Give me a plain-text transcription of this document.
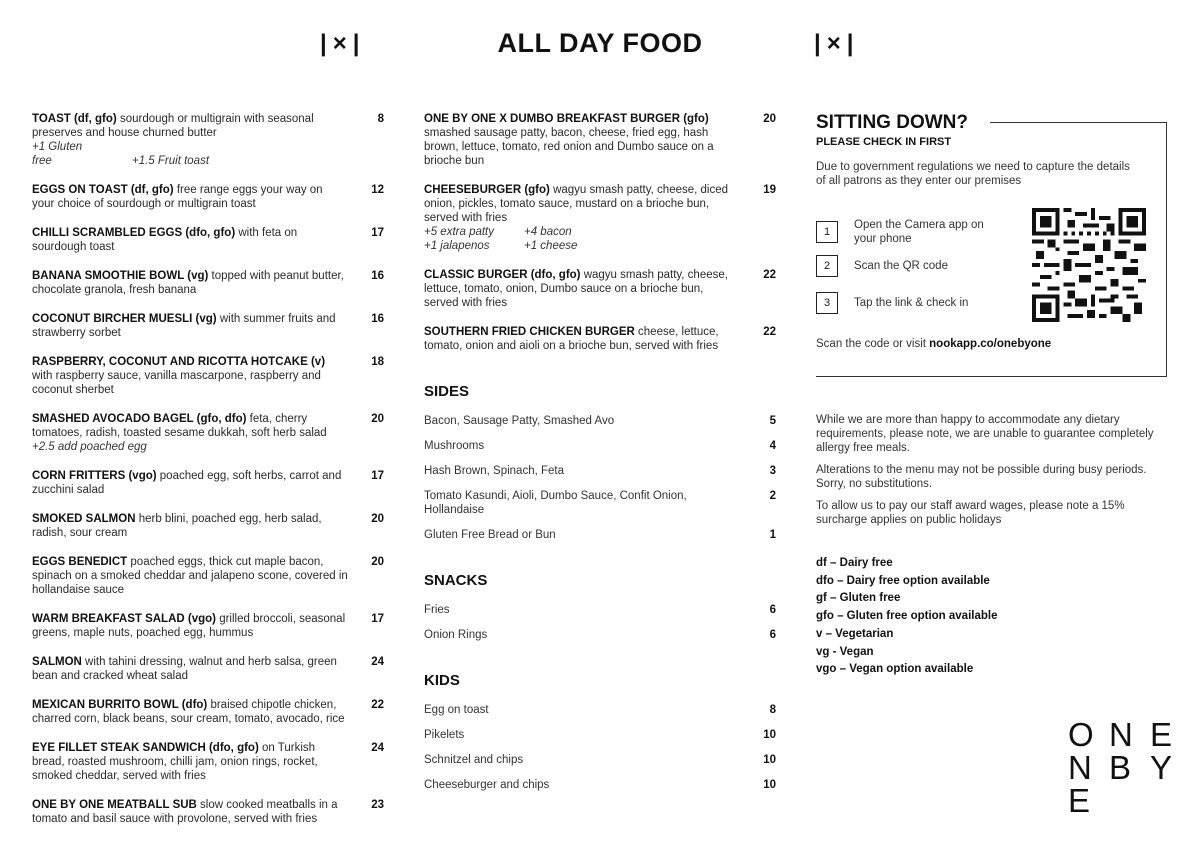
|×|	ALL DAY FOOD	|×|
TOAST (df, gfo) sourdough or multigrain with seasonal preserves and house churned butter
8
+1 Gluten free	+1.5 Fruit toast
EGGS ON TOAST (df, gfo) free range eggs your way on your choice of sourdough or multigrain toast
12
CHILLI SCRAMBLED EGGS (dfo, gfo) with feta on sourdough toast
17
BANANA SMOOTHIE BOWL (vg) topped with peanut butter, chocolate granola, fresh banana
16
COCONUT BIRCHER MUESLI (vg) with summer fruits and strawberry sorbet
16
RASPBERRY, COCONUT AND RICOTTA HOTCAKE (v) with raspberry sauce, vanilla mascarpone, raspberry and coconut sherbet
18
SMASHED AVOCADO BAGEL (gfo, dfo) feta, cherry tomatoes, radish, toasted sesame dukkah, soft herb salad
20
+2.5 add poached egg
CORN FRITTERS (vgo) poached egg, soft herbs, carrot and zucchini salad
17
SMOKED SALMON herb blini, poached egg, herb salad, radish, sour cream
20
EGGS BENEDICT poached eggs, thick cut maple bacon, spinach on a smoked cheddar and jalapeno scone, covered in hollandaise sauce
20
WARM BREAKFAST SALAD (vgo) grilled broccoli, seasonal greens, maple nuts, poached egg, hummus
17
SALMON with tahini dressing, walnut and herb salsa, green bean and cracked wheat salad
24
MEXICAN BURRITO BOWL (dfo) braised chipotle chicken, charred corn, black beans, sour cream, tomato, avocado, rice
22
EYE FILLET STEAK SANDWICH (dfo, gfo) on Turkish bread, roasted mushroom, chilli jam, onion rings, rocket, smoked cheddar, served with fries
24
ONE BY ONE MEATBALL SUB slow cooked meatballs in a tomato and basil sauce with provolone, served with fries
23
ONE BY ONE X DUMBO BREAKFAST BURGER (gfo) smashed sausage patty, bacon, cheese, fried egg, hash brown, lettuce, tomato, red onion and Dumbo sauce on a brioche bun
20
CHEESEBURGER (gfo) wagyu smash patty, cheese, diced onion, pickles, tomato sauce, mustard on a brioche bun, served with fries
19
+5 extra patty	+4 bacon
+1 jalapenos	+1 cheese
CLASSIC BURGER (dfo, gfo) wagyu smash patty, cheese, lettuce, tomato, onion, Dumbo sauce on a brioche bun, served with fries
22
SOUTHERN FRIED CHICKEN BURGER cheese, lettuce, tomato, onion and aioli on a brioche bun, served with fries
22
SIDES
Bacon, Sausage Patty, Smashed Avo	5
Mushrooms	4
Hash Brown, Spinach, Feta	3
Tomato Kasundi, Aioli, Dumbo Sauce, Confit Onion, Hollandaise
2
Gluten Free Bread or Bun	1
SNACKS
Fries	6
Onion Rings	6
KIDS
Egg on toast	8
Pikelets	10
Schnitzel and chips	10
Cheeseburger and chips	10
SITTING DOWN?
PLEASE CHECK IN FIRST
Due to government regulations we need to capture the details of all patrons as they enter our premises
1
Open the Camera app on your phone
2	Scan the QR code
3	Tap the link & check in
Scan the code or visit nookapp.co/onebyone

While we are more than happy to accommodate any dietary requirements, please note, we are unable to guarantee completely allergy free meals.

Alterations to the menu may not be possible during busy periods. Sorry, no substitutions.

To allow us to pay our staff award wages, please note a 15% surcharge applies on public holidays

df – Dairy free
dfo – Dairy free option available
gf – Gluten free
gfo – Gluten free option available
v – Vegetarian
vg - Vegan
vgo – Vegan option available
O N E
N B Y
E
